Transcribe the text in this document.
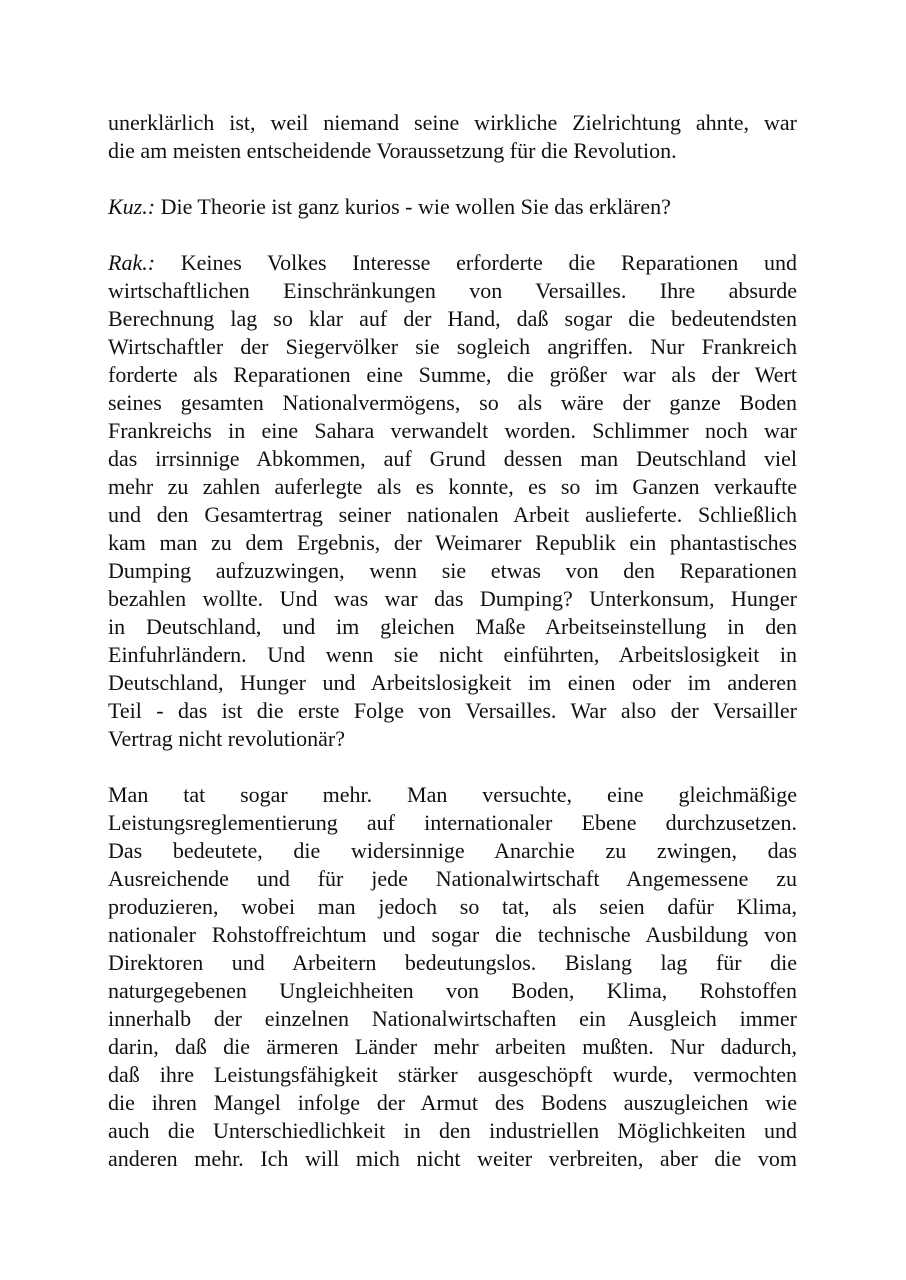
unerklärlich ist, weil niemand seine wirkliche Zielrichtung ahnte, war
die am meisten entscheidende Voraussetzung für die Revolution.
Kuz.: Die Theorie ist ganz kurios - wie wollen Sie das erklären?
Rak.: Keines Volkes Interesse erforderte die Reparationen und
wirtschaftlichen Einschränkungen von Versailles. Ihre absurde
Berechnung lag so klar auf der Hand, daß sogar die bedeutendsten
Wirtschaftler der Siegervölker sie sogleich angriffen. Nur Frankreich
forderte als Reparationen eine Summe, die größer war als der Wert
seines gesamten Nationalvermögens, so als wäre der ganze Boden
Frankreichs in eine Sahara verwandelt worden. Schlimmer noch war
das irrsinnige Abkommen, auf Grund dessen man Deutschland viel
mehr zu zahlen auferlegte als es konnte, es so im Ganzen verkaufte
und den Gesamtertrag seiner nationalen Arbeit auslieferte. Schließlich
kam man zu dem Ergebnis, der Weimarer Republik ein phantastisches
Dumping aufzuzwingen, wenn sie etwas von den Reparationen
bezahlen wollte. Und was war das Dumping? Unterkonsum, Hunger
in Deutschland, und im gleichen Maße Arbeitseinstellung in den
Einfuhrländern. Und wenn sie nicht einführten, Arbeitslosigkeit in
Deutschland, Hunger und Arbeitslosigkeit im einen oder im anderen
Teil - das ist die erste Folge von Versailles. War also der Versailler
Vertrag nicht revolutionär?
Man tat sogar mehr. Man versuchte, eine gleichmäßige
Leistungsreglementierung auf internationaler Ebene durchzusetzen.
Das bedeutete, die widersinnige Anarchie zu zwingen, das
Ausreichende und für jede Nationalwirtschaft Angemessene zu
produzieren, wobei man jedoch so tat, als seien dafür Klima,
nationaler Rohstoffreichtum und sogar die technische Ausbildung von
Direktoren und Arbeitern bedeutungslos. Bislang lag für die
naturgegebenen Ungleichheiten von Boden, Klima, Rohstoffen
innerhalb der einzelnen Nationalwirtschaften ein Ausgleich immer
darin, daß die ärmeren Länder mehr arbeiten mußten. Nur dadurch,
daß ihre Leistungsfähigkeit stärker ausgeschöpft wurde, vermochten
die ihren Mangel infolge der Armut des Bodens auszugleichen wie
auch die Unterschiedlichkeit in den industriellen Möglichkeiten und
anderen mehr. Ich will mich nicht weiter verbreiten, aber die vom
